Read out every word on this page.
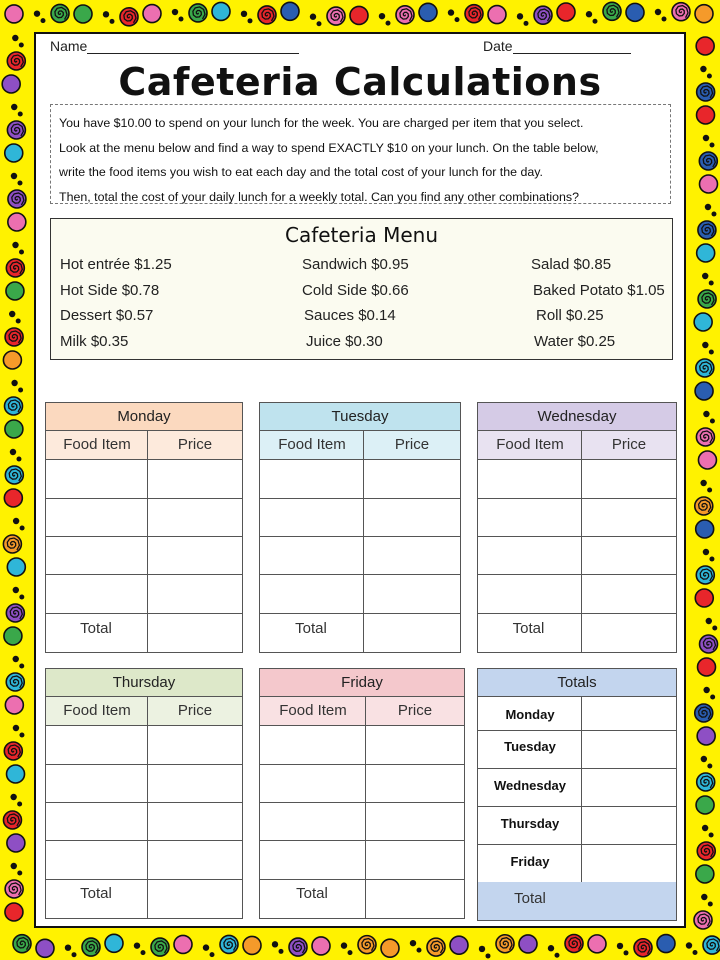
Name	Date
Cafeteria Calculations
You have $10.00 to spend on your lunch for the week. You are charged per item that you select.
Look at the menu below and find a way to spend EXACTLY $10 on your lunch. On the table below,
write the food items you wish to eat each day and the total cost of your lunch for the day.
Then, total the cost of your daily lunch for a weekly total. Can you find any other combinations?
Cafeteria Menu
Hot entrée $1.25	Sandwich $0.95	Salad $0.85
Hot Side $0.78	Cold Side $0.66	Baked Potato $1.05
Dessert $0.57	Sauces $0.14	Roll $0.25
Milk $0.35	Juice $0.30	Water $0.25
Monday
Food Item	Price
Total
Tuesday
Food Item	Price
Total
Wednesday
Food Item	Price
Total
Thursday
Food Item	Price
Total
Friday
Food Item	Price
Total
Totals
Monday
Tuesday
Wednesday
Thursday
Friday
Total
